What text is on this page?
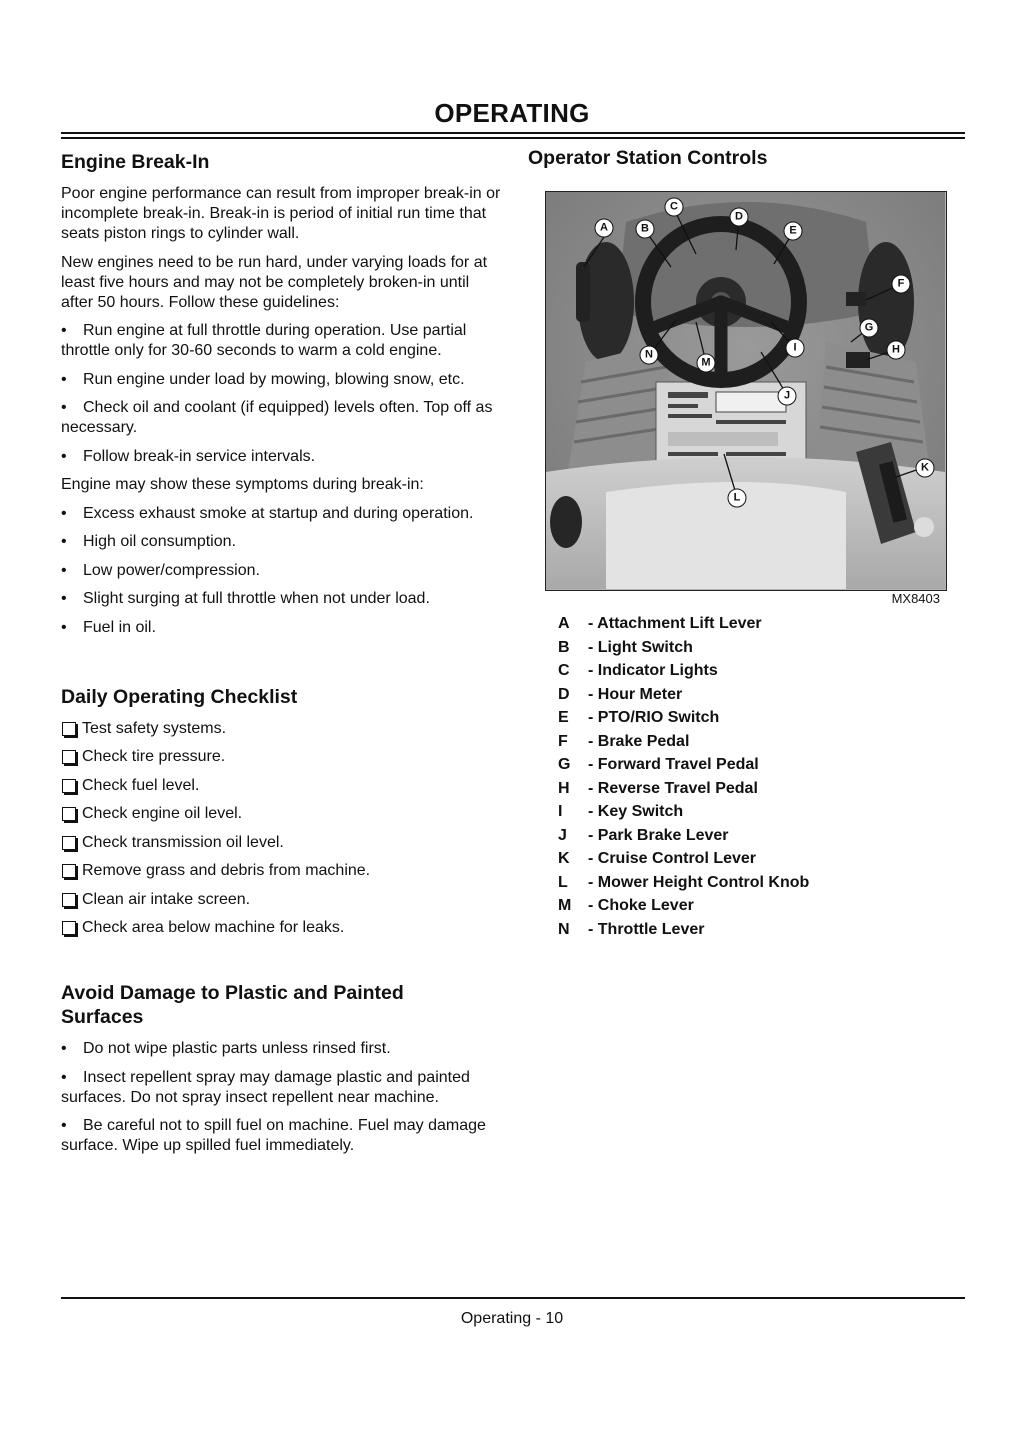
OPERATING
Engine Break-In

Poor engine performance can result from improper break-in or incomplete break-in. Break-in is period of initial run time that seats piston rings to cylinder wall.

New engines need to be run hard, under varying loads for at least five hours and may not be completely broken-in until after 50 hours. Follow these guidelines:

• Run engine at full throttle during operation. Use partial throttle only for 30-60 seconds to warm a cold engine.

• Run engine under load by mowing, blowing snow, etc.

• Check oil and coolant (if equipped) levels often. Top off as necessary.

• Follow break-in service intervals.

Engine may show these symptoms during break-in:

• Excess exhaust smoke at startup and during operation.

• High oil consumption.

• Low power/compression.

• Slight surging at full throttle when not under load.

• Fuel in oil.

Daily Operating Checklist
Test safety systems.
Check tire pressure.
Check fuel level.
Check engine oil level.
Check transmission oil level.
Remove grass and debris from machine.
Clean air intake screen.
Check area below machine for leaks.
Avoid Damage to Plastic and Painted
Surfaces

• Do not wipe plastic parts unless rinsed first.

• Insect repellent spray may damage plastic and painted surfaces. Do not spray insect repellent near machine.

• Be careful not to spill fuel on machine. Fuel may damage surface. Wipe up spilled fuel immediately.

Operator Station Controls
A	B
C
D
E
F
G
H
I
J
K
L
M
N
MX8403
A - Attachment Lift Lever
B - Light Switch
C - Indicator Lights
D - Hour Meter
E - PTO/RIO Switch
F - Brake Pedal
G - Forward Travel Pedal
H - Reverse Travel Pedal
I - Key Switch
J - Park Brake Lever
K - Cruise Control Lever
L - Mower Height Control Knob
M - Choke Lever
N - Throttle Lever
Operating - 10
